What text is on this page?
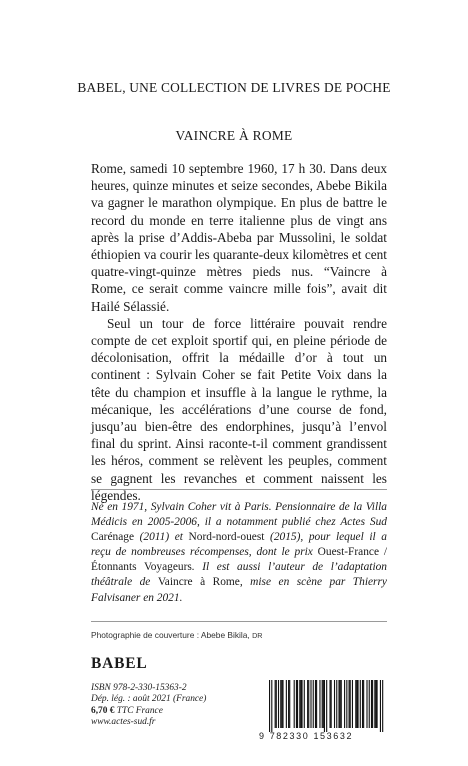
BABEL, UNE COLLECTION DE LIVRES DE POCHE
VAINCRE À ROME

Rome, samedi 10 septembre 1960, 17 h 30. Dans deux heures, quinze minutes et seize secondes, Abebe Bikila va gagner le marathon olympique. En plus de battre le record du monde en terre italienne plus de vingt ans après la prise d’Addis-Abeba par Mussolini, le soldat éthiopien va courir les quarante-deux kilomètres et cent quatre-vingt-quinze mètres pieds nus. “Vaincre à Rome, ce serait comme vaincre mille fois”, avait dit Hailé Sélassié.

Seul un tour de force littéraire pouvait rendre compte de cet exploit sportif qui, en pleine période de décolonisation, offrit la médaille d’or à tout un continent : Sylvain Coher se fait Petite Voix dans la tête du champion et insuffle à la langue le rythme, la mécanique, les accélérations d’une course de fond, jusqu’au bien-être des endorphines, jusqu’à l’envol final du sprint. Ainsi raconte-t-il comment grandissent les héros, comment se relèvent les peuples, comment se gagnent les revanches et comment naissent les légendes.

Né en 1971, Sylvain Coher vit à Paris. Pensionnaire de la Villa Médicis en 2005-2006, il a notamment publié chez Actes Sud Carénage (2011) et Nord-nord-ouest (2015), pour lequel il a reçu de nombreuses récompenses, dont le prix Ouest-France / Étonnants Voyageurs. Il est aussi l’auteur de l’adaptation théâtrale de Vaincre à Rome, mise en scène par Thierry Falvisaner en 2021.
Photographie de couverture : Abebe Bikila, DR
BABEL
ISBN 978-2-330-15363-2
Dép. lég. : août 2021 (France)
6,70 € TTC France
www.actes-sud.fr
9 782330 153632
